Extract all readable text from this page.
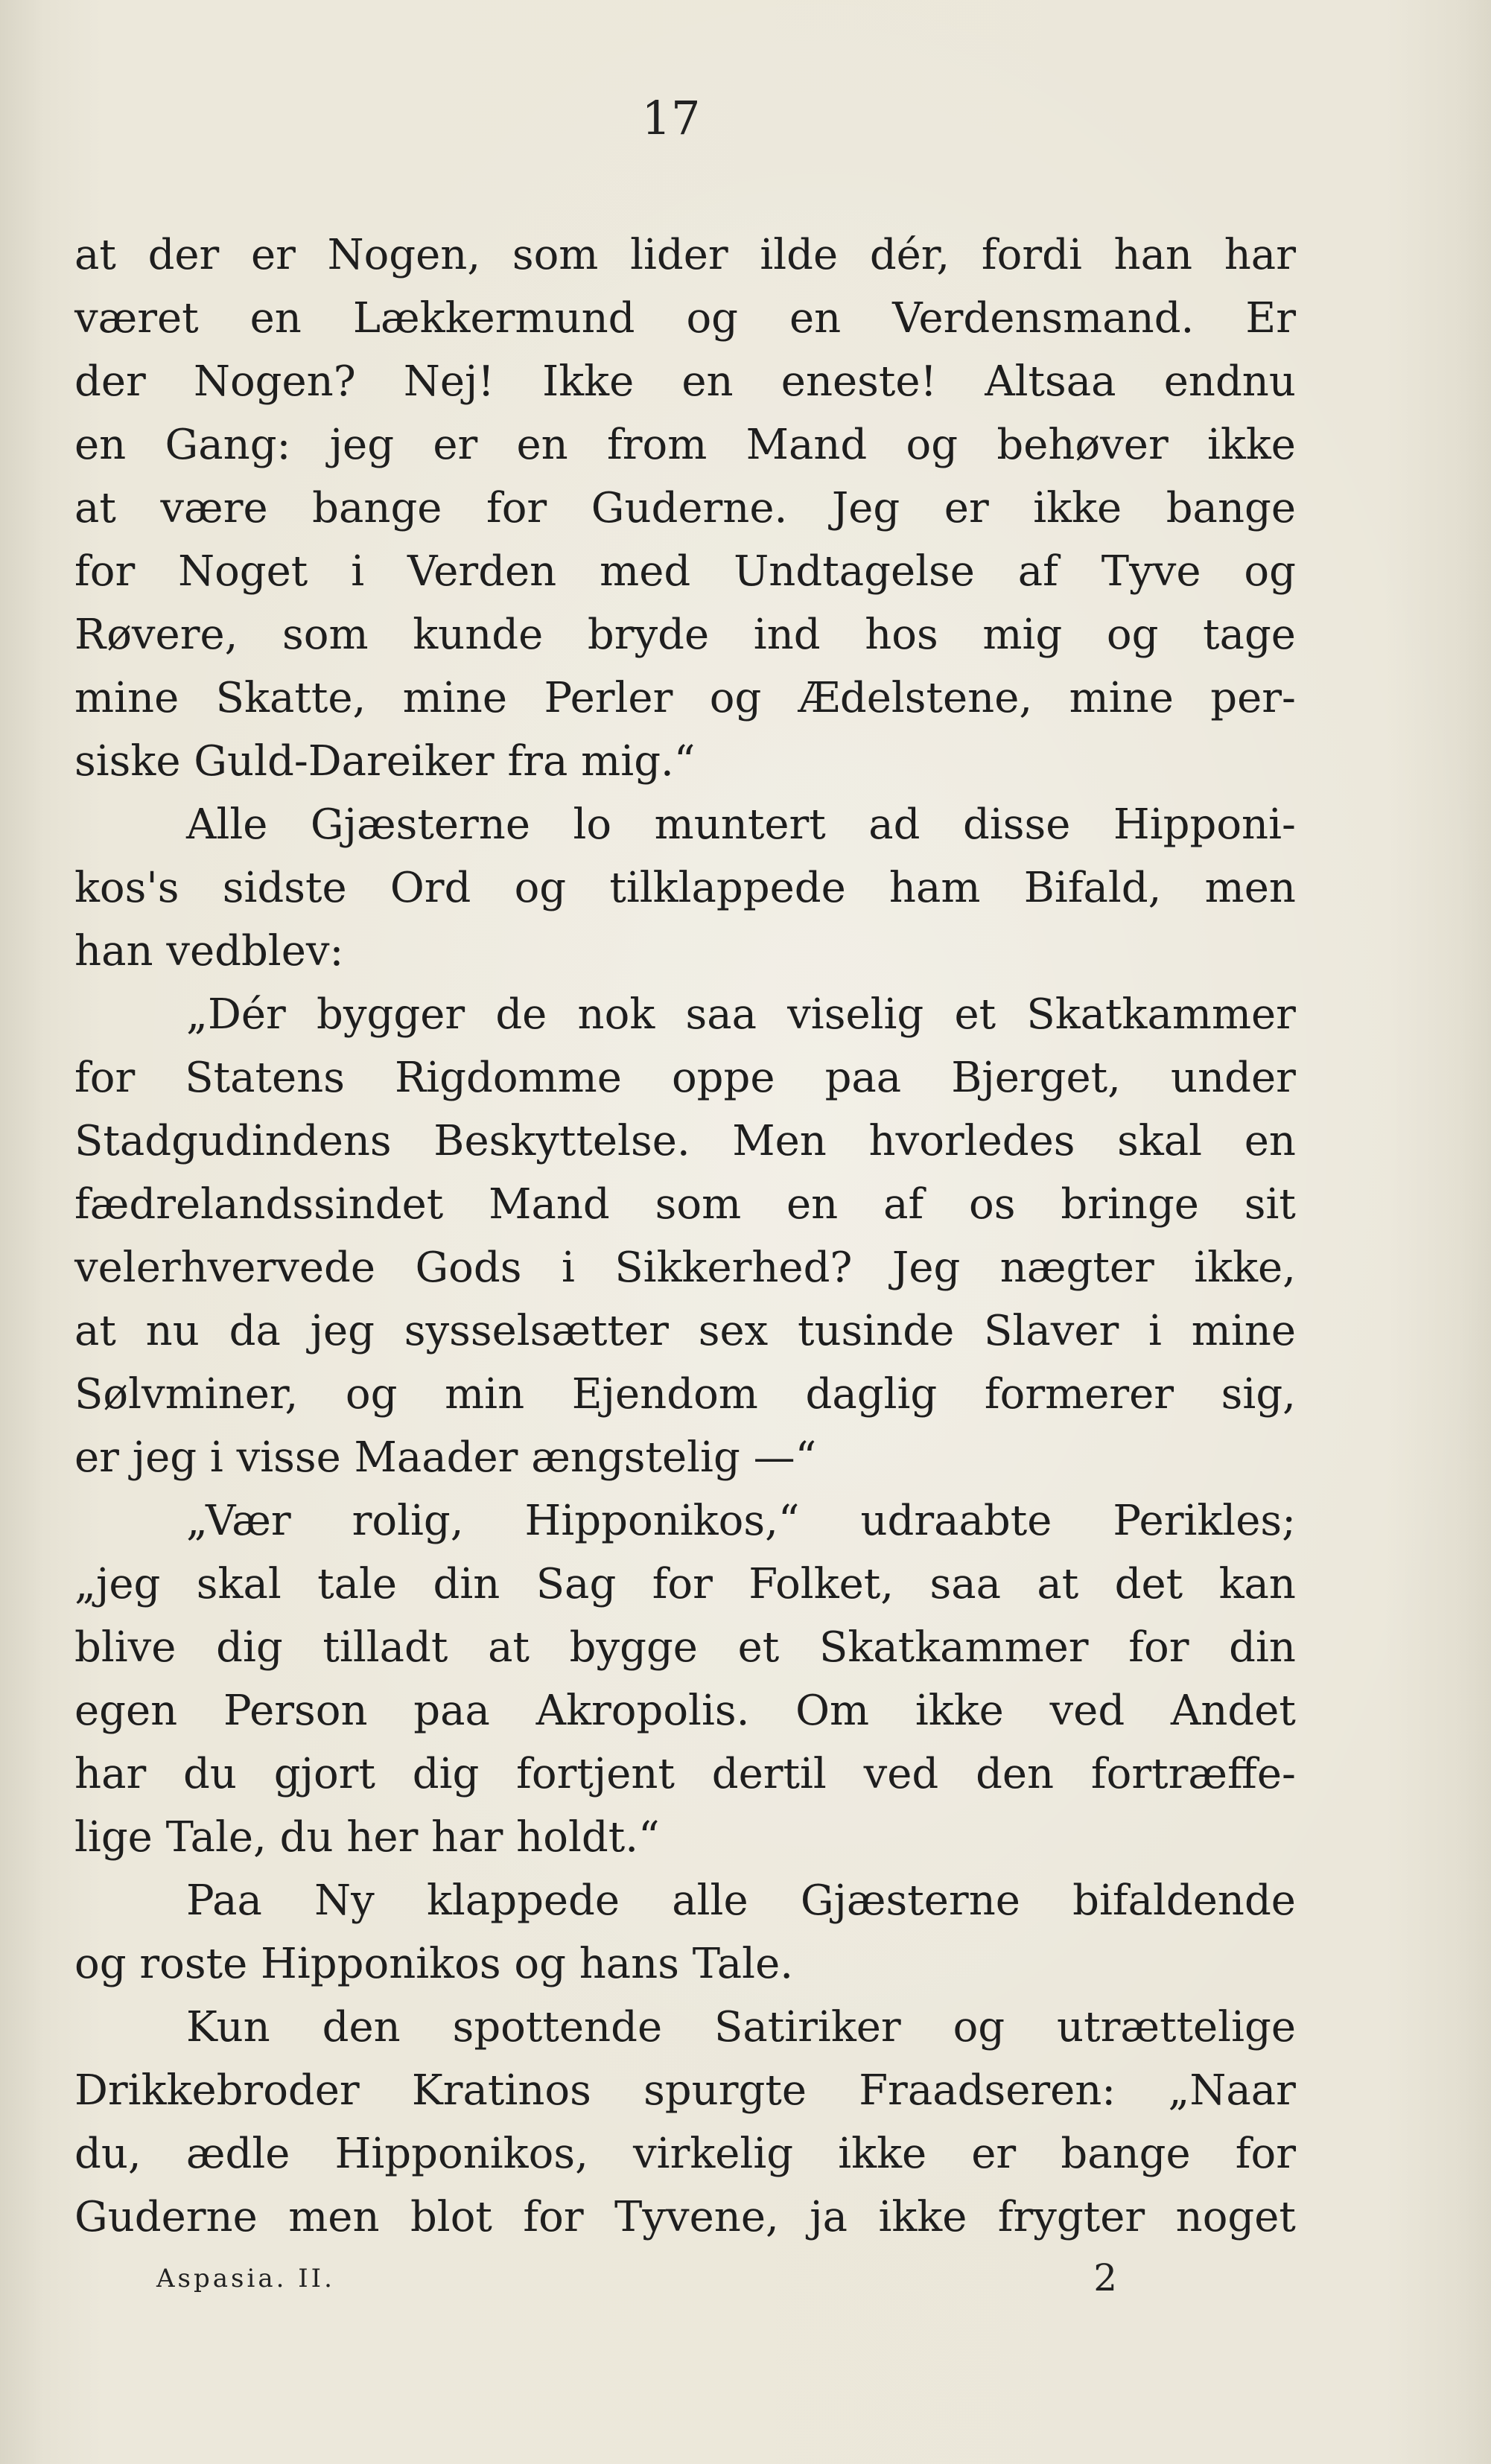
17
at der er Nogen, som lider ilde dér, fordi han har
været en Lækkermund og en Verdensmand. Er
der Nogen? Nej! Ikke en eneste! Altsaa endnu
en Gang: jeg er en from Mand og behøver ikke
at være bange for Guderne. Jeg er ikke bange
for Noget i Verden med Undtagelse af Tyve og
Røvere, som kunde bryde ind hos mig og tage
mine Skatte, mine Perler og Ædelstene, mine per-
siske Guld-Dareiker fra mig.“
Alle Gjæsterne lo muntert ad disse Hipponi-
kos's sidste Ord og tilklappede ham Bifald, men
han vedblev:
„Dér bygger de nok saa viselig et Skatkammer
for Statens Rigdomme oppe paa Bjerget, under
Stadgudindens Beskyttelse. Men hvorledes skal en
fædrelandssindet Mand som en af os bringe sit
velerhvervede Gods i Sikkerhed? Jeg nægter ikke,
at nu da jeg sysselsætter sex tusinde Slaver i mine
Sølvminer, og min Ejendom daglig formerer sig,
er jeg i visse Maader ængstelig —“
„Vær rolig, Hipponikos,“ udraabte Perikles;
„jeg skal tale din Sag for Folket, saa at det kan
blive dig tilladt at bygge et Skatkammer for din
egen Person paa Akropolis. Om ikke ved Andet
har du gjort dig fortjent dertil ved den fortræffe-
lige Tale, du her har holdt.“
Paa Ny klappede alle Gjæsterne bifaldende
og roste Hipponikos og hans Tale.
Kun den spottende Satiriker og utrættelige
Drikkebroder Kratinos spurgte Fraadseren: „Naar
du, ædle Hipponikos, virkelig ikke er bange for
Guderne men blot for Tyvene, ja ikke frygter noget
Aspasia. II.	2
